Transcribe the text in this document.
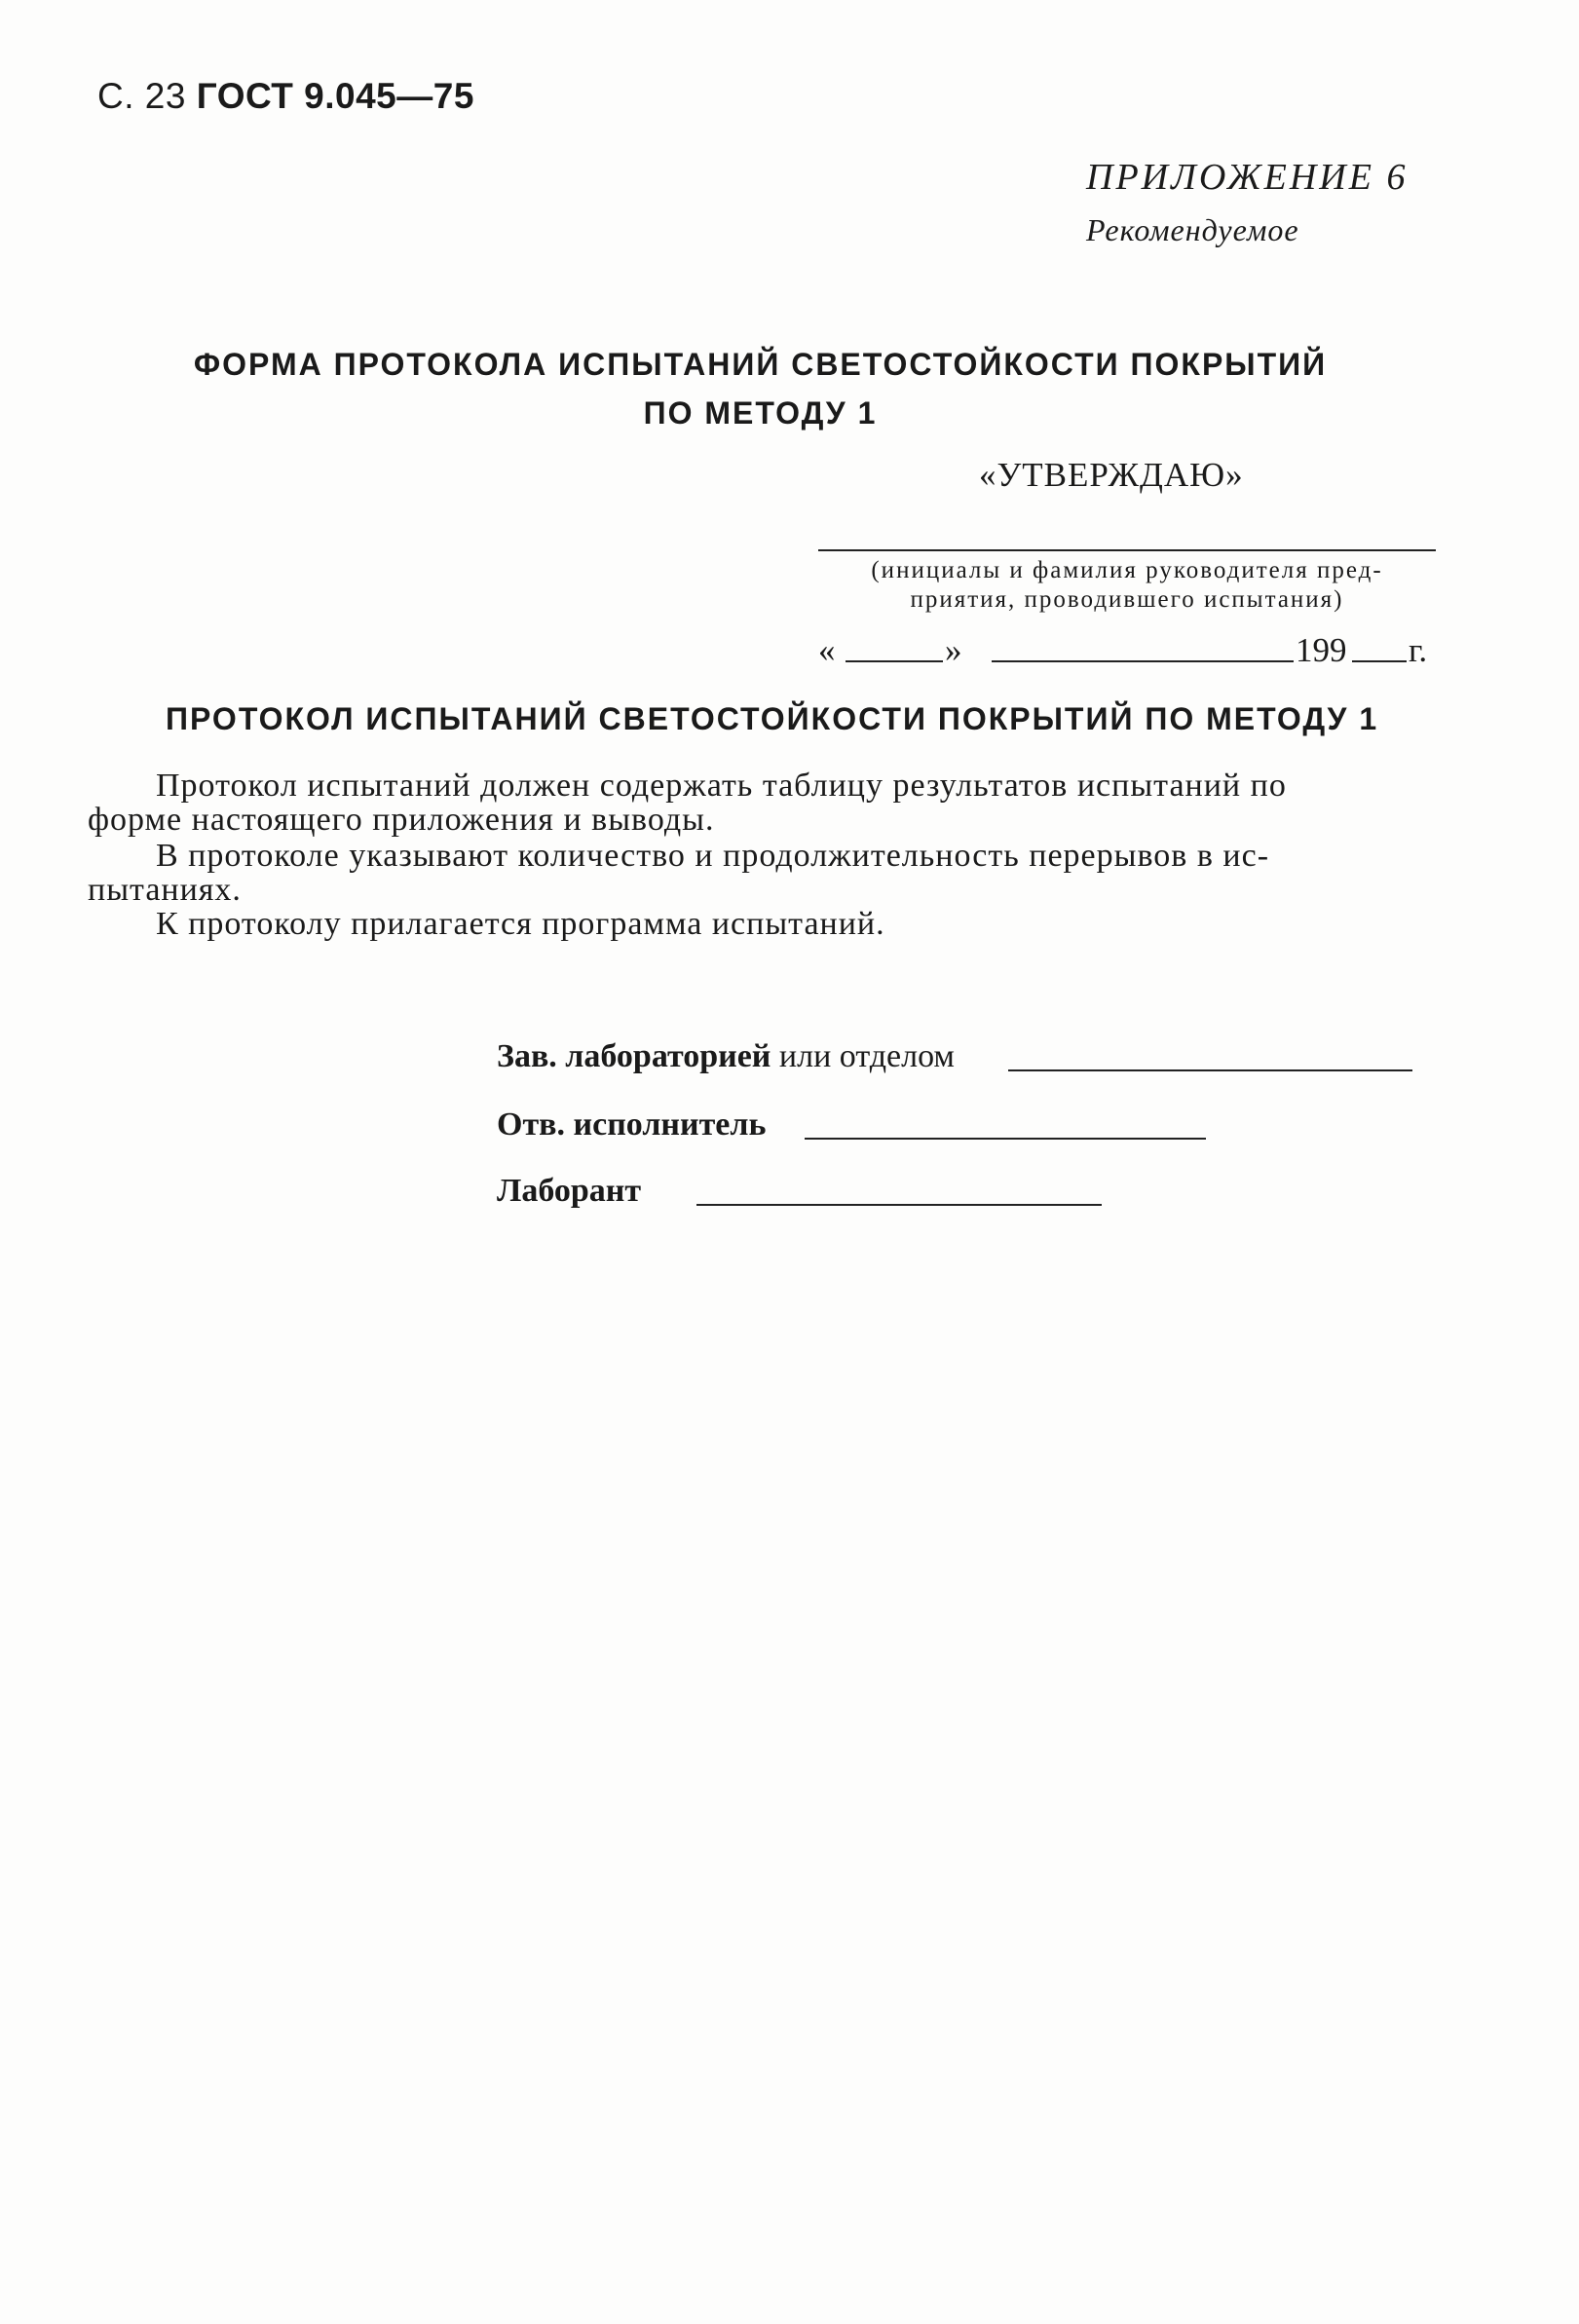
С. 23 ГОСТ 9.045—75
ПРИЛОЖЕНИЕ 6
Рекомендуемое
ФОРМА ПРОТОКОЛА ИСПЫТАНИЙ СВЕТОСТОЙКОСТИ ПОКРЫТИЙ
ПО МЕТОДУ 1
«УТВЕРЖДАЮ»
(инициалы и фамилия руководителя пред-
приятия, проводившего испытания)
«	»	199 г.
ПРОТОКОЛ ИСПЫТАНИЙ СВЕТОСТОЙКОСТИ ПОКРЫТИЙ ПО МЕТОДУ 1
Протокол испытаний должен содержать таблицу результатов испытаний по
форме настоящего приложения и выводы.
В протоколе указывают количество и продолжительность перерывов в ис-
пытаниях.
К протоколу прилагается программа испытаний.
Зав. лабораторией или отделом
Отв. исполнитель
Лаборант
